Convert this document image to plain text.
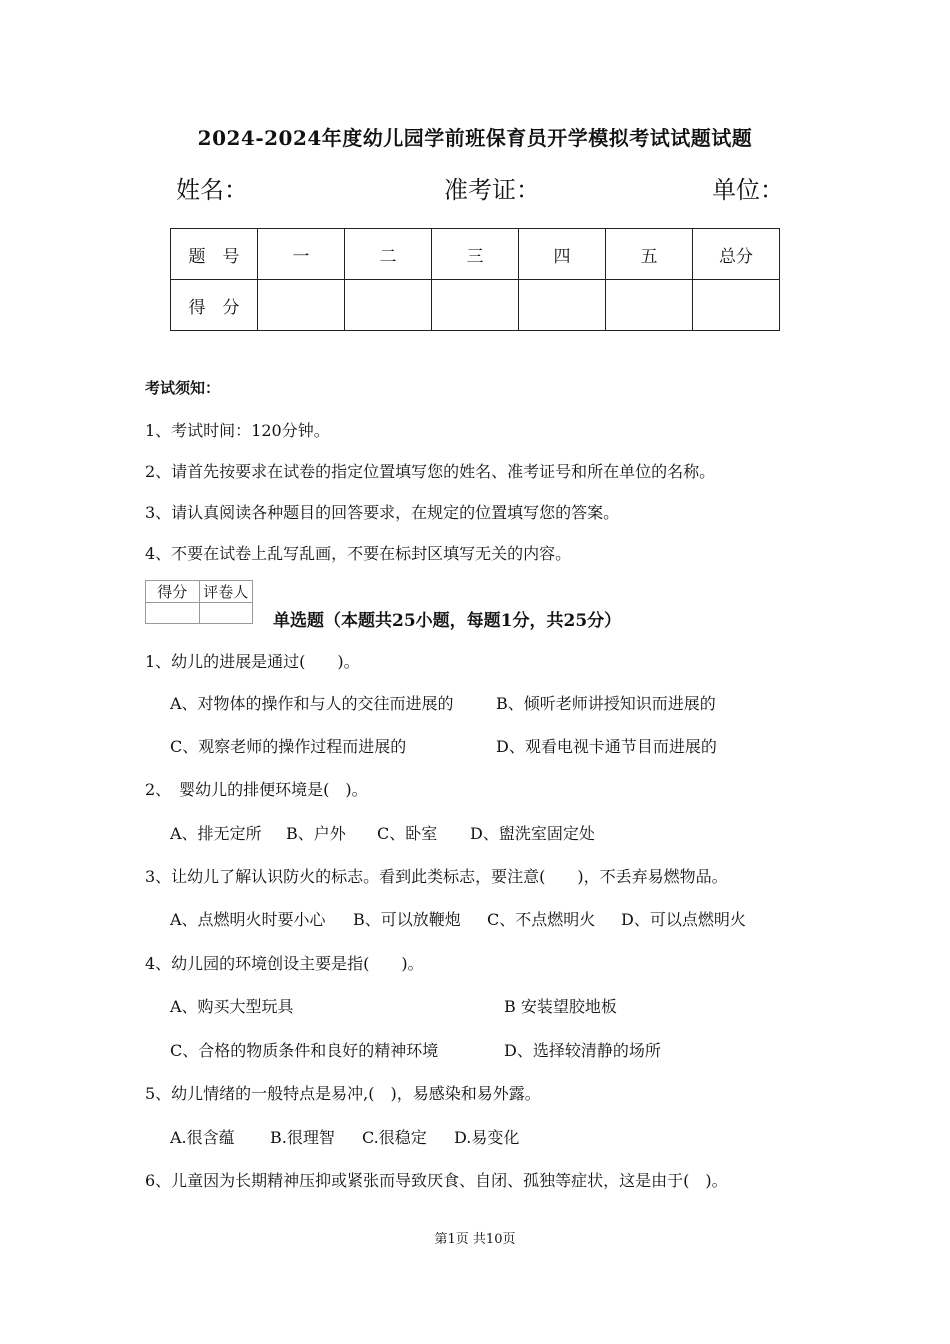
2024-2024年度幼儿园学前班保育员开学模拟考试试题试题
姓名：	准考证：	单位：
题　号	一	二	三	四	五	总分
得　分						
考试须知：
1、考试时间：120分钟。
2、请首先按要求在试卷的指定位置填写您的姓名、准考证号和所在单位的名称。
3、请认真阅读各种题目的回答要求，在规定的位置填写您的答案。
4、不要在试卷上乱写乱画，不要在标封区填写无关的内容。
得分	评卷人

单选题（本题共25小题，每题1分，共25分）
1、幼儿的进展是通过(　　)。
A、对物体的操作和与人的交往而进展的	B、倾听老师讲授知识而进展的
C、观察老师的操作过程而进展的	D、观看电视卡通节目而进展的
2、　婴幼儿的排便环境是(　)。
A、排无定所 B、户外 C、卧室 D、盥洗室固定处
3、让幼儿了解认识防火的标志。看到此类标志，要注意(　　)，不丢弃易燃物品。
A、点燃明火时要小心 B、可以放鞭炮 C、不点燃明火 D、可以点燃明火
4、幼儿园的环境创设主要是指(　　)。
A、购买大型玩具	B 安装望胶地板
C、合格的物质条件和良好的精神环境	D、选择较清静的场所
5、幼儿情绪的一般特点是易冲,(　)，易感染和易外露。
A.很含蕴 B.很理智 C.很稳定 D.易变化
6、儿童因为长期精神压抑或紧张而导致厌食、自闭、孤独等症状，这是由于(　)。
第1页 共10页
